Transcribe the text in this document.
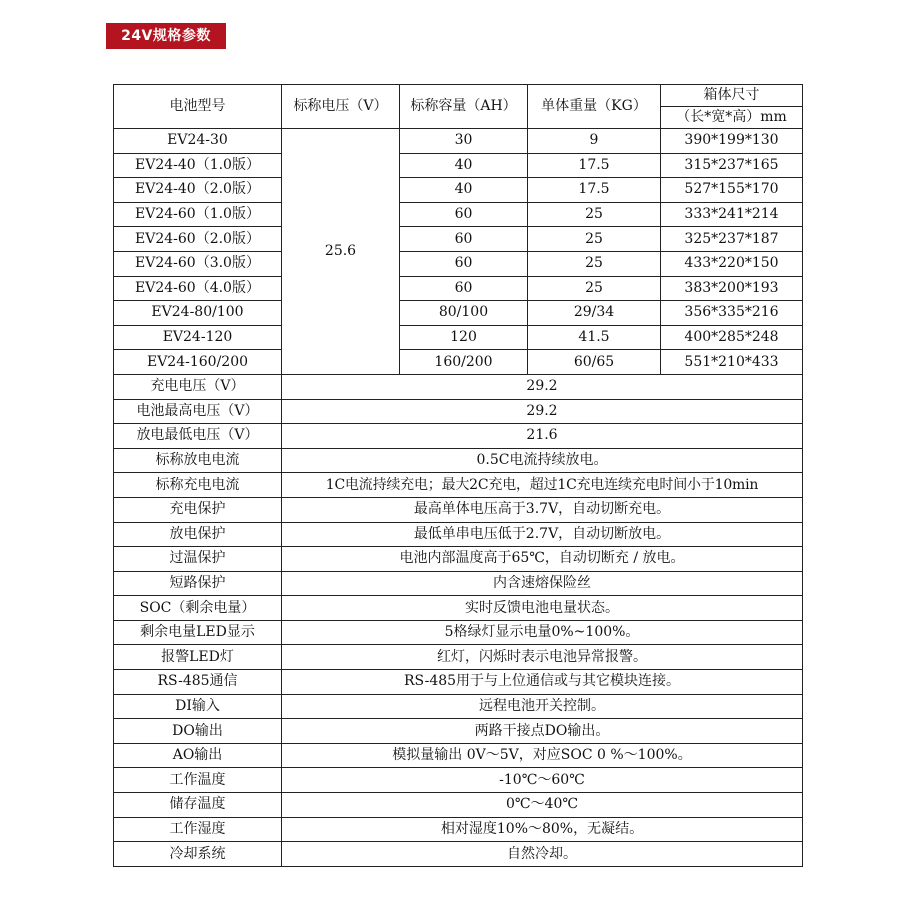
24V规格参数
电池型号	标称电压（V）	标称容量（AH）	单体重量（KG）	箱体尺寸
				（长*宽*高）mm
EV24-30	25.6	30	9	390*199*130
EV24-40（1.0版）		40	17.5	315*237*165
EV24-40（2.0版）		40	17.5	527*155*170
EV24-60（1.0版）		60	25	333*241*214
EV24-60（2.0版）		60	25	325*237*187
EV24-60（3.0版）		60	25	433*220*150
EV24-60（4.0版）		60	25	383*200*193
EV24-80/100		80/100	29/34	356*335*216
EV24-120		120	41.5	400*285*248
EV24-160/200		160/200	60/65	551*210*433
充电电压（V）	29.2			
电池最高电压（V）	29.2			
放电最低电压（V）	21.6			
标称放电电流	0.5C电流持续放电。			
标称充电电流	1C电流持续充电；最大2C充电，超过1C充电连续充电时间小于10min			
充电保护	最高单体电压高于3.7V，自动切断充电。			
放电保护	最低单串电压低于2.7V，自动切断放电。			
过温保护	电池内部温度高于65℃，自动切断充 / 放电。			
短路保护	内含速熔保险丝			
SOC（剩余电量）	实时反馈电池电量状态。			
剩余电量LED显示	5格绿灯显示电量0%~100%。			
报警LED灯	红灯，闪烁时表示电池异常报警。			
RS-485通信	RS-485用于与上位通信或与其它模块连接。			
DI输入	远程电池开关控制。			
DO输出	两路干接点DO输出。			
AO输出	模拟量输出 0V～5V，对应SOC 0 %～100%。			
工作温度	-10℃～60℃			
储存温度	0℃～40℃			
工作湿度	相对湿度10%～80%，无凝结。			
冷却系统	自然冷却。			
